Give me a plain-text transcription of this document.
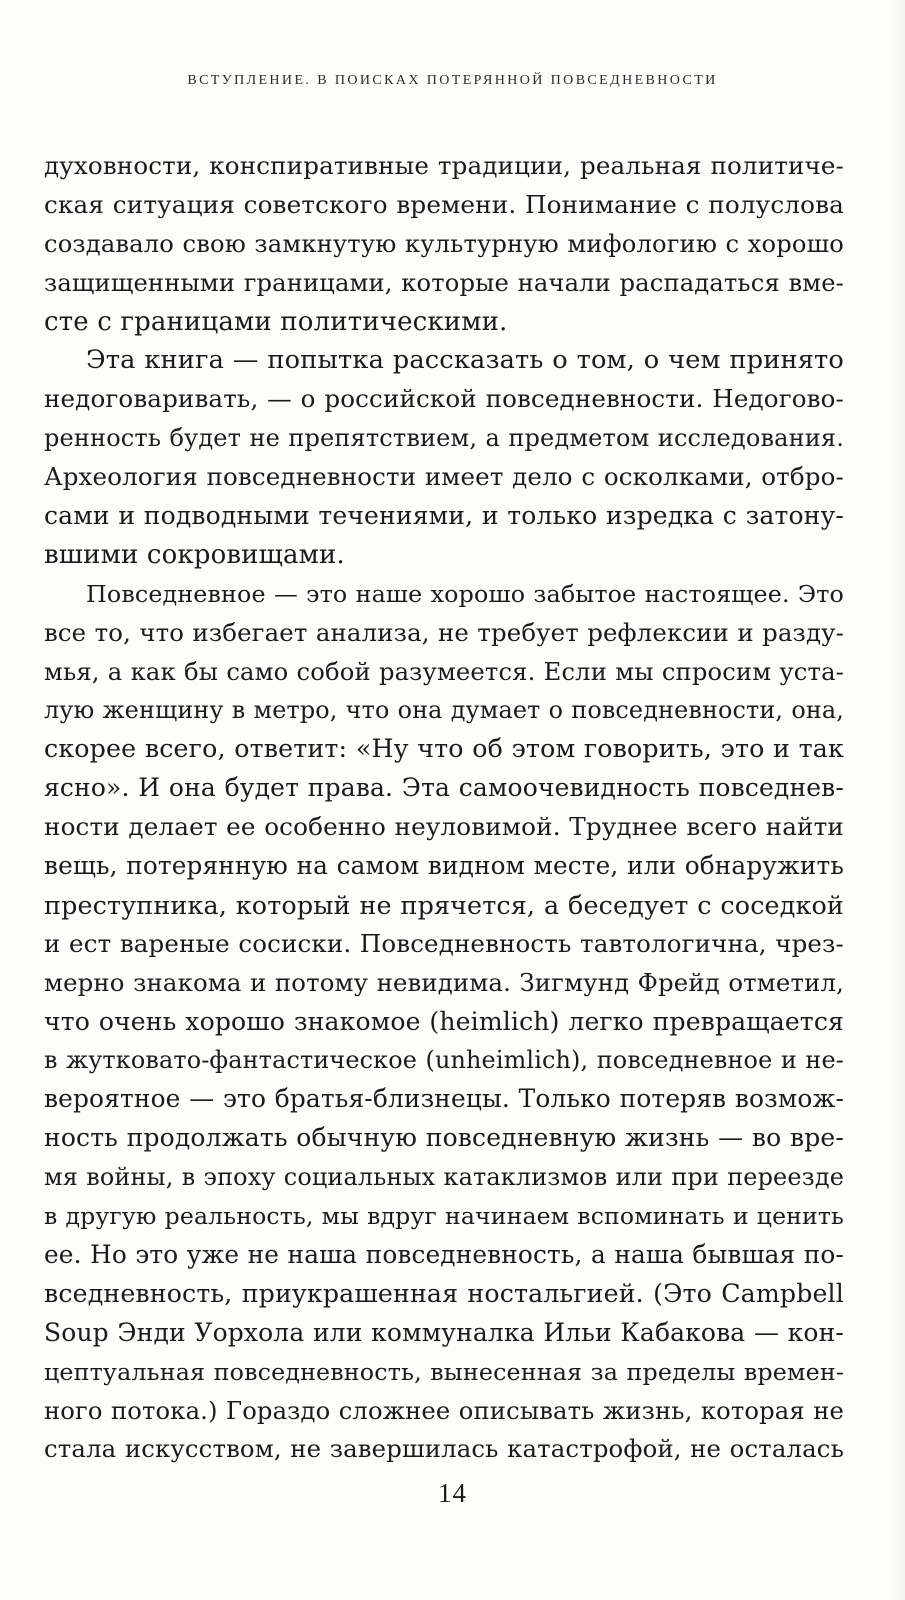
ВСТУПЛЕНИЕ. В ПОИСКАХ ПОТЕРЯННОЙ ПОВСЕДНЕВНОСТИ
духовности, конспиративные традиции, реальная политиче-
ская ситуация советского времени. Понимание с полуслова
создавало свою замкнутую культурную мифологию с хорошо
защищенными границами, которые начали распадаться вме-
сте с границами политическими.
Эта книга — попытка рассказать о том, о чем принято
недоговаривать, — о российской повседневности. Недогово-
ренность будет не препятствием, а предметом исследования.
Археология повседневности имеет дело с осколками, отбро-
сами и подводными течениями, и только изредка с затону-
вшими сокровищами.
Повседневное — это наше хорошо забытое настоящее. Это
все то, что избегает анализа, не требует рефлексии и разду-
мья, а как бы само собой разумеется. Если мы спросим уста-
лую женщину в метро, что она думает о повседневности, она,
скорее всего, ответит: «Ну что об этом говорить, это и так
ясно». И она будет права. Эта самоочевидность повседнев-
ности делает ее особенно неуловимой. Труднее всего найти
вещь, потерянную на самом видном месте, или обнаружить
преступника, который не прячется, а беседует с соседкой
и ест вареные сосиски. Повседневность тавтологична, чрез-
мерно знакома и потому невидима. Зигмунд Фрейд отметил,
что очень хорошо знакомое (heimlich) легко превращается
в жутковато-фантастическое (unheimlich), повседневное и не-
вероятное — это братья-близнецы. Только потеряв возмож-
ность продолжать обычную повседневную жизнь — во вре-
мя войны, в эпоху социальных катаклизмов или при переезде
в другую реальность, мы вдруг начинаем вспоминать и ценить
ее. Но это уже не наша повседневность, а наша бывшая по-
вседневность, приукрашенная ностальгией. (Это Campbell
Soup Энди Уорхола или коммуналка Ильи Кабакова — кон-
цептуальная повседневность, вынесенная за пределы времен-
ного потока.) Гораздо сложнее описывать жизнь, которая не
стала искусством, не завершилась катастрофой, не осталась
14
